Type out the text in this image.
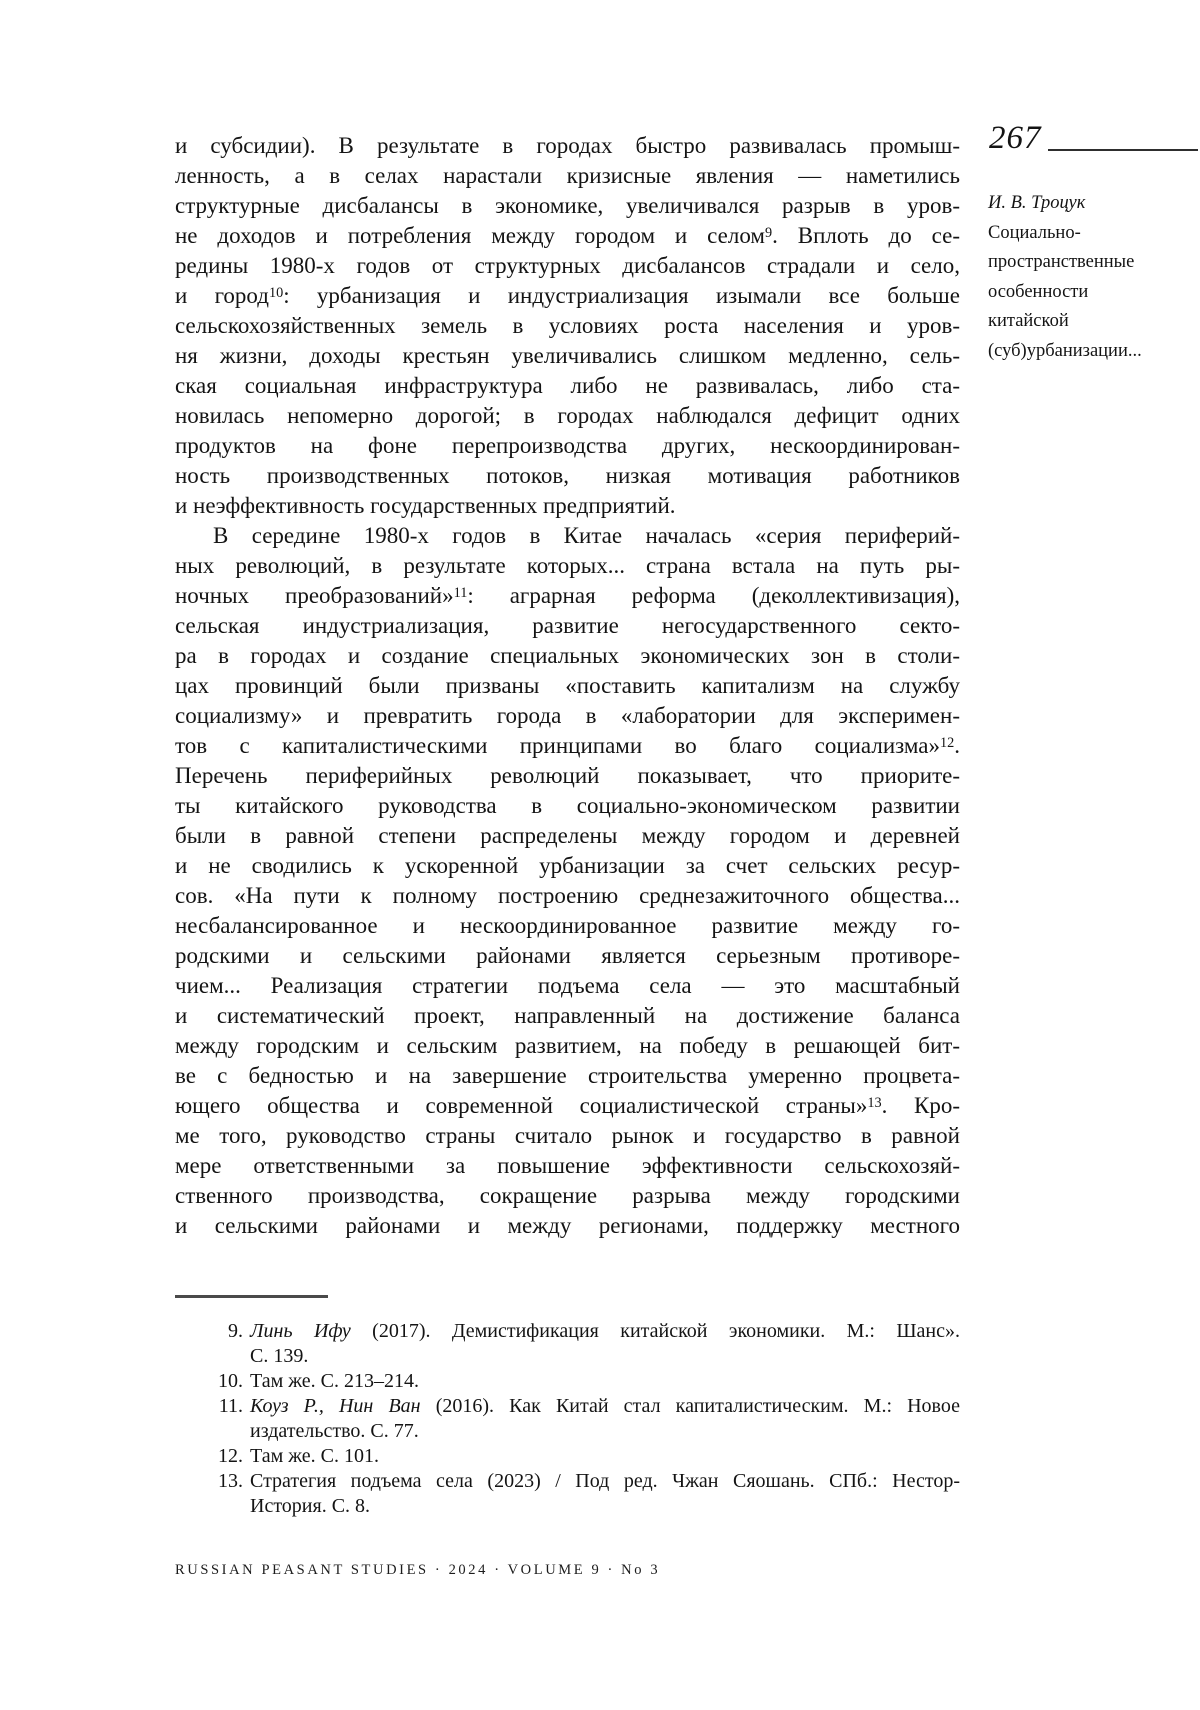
и субсидии). В результате в городах быстро развивалась промыш-
ленность, а в селах нарастали кризисные явления — наметились
структурные дисбалансы в экономике, увеличивался разрыв в уров-
не доходов и потребления между городом и селом$^9$. Вплоть до се-
редины 1980-х годов от структурных дисбалансов страдали и село,
и город$^{10}$: урбанизация и индустриализация изымали все больше
сельскохозяйственных земель в условиях роста населения и уров-
ня жизни, доходы крестьян увеличивались слишком медленно, сель-
ская социальная инфраструктура либо не развивалась, либо ста-
новилась непомерно дорогой; в городах наблюдался дефицит одних
продуктов на фоне перепроизводства других, нескоординирован-
ность производственных потоков, низкая мотивация работников
и неэффективность государственных предприятий.
В середине 1980-х годов в Китае началась «серия периферий-
ных революций, в результате которых... страна встала на путь ры-
ночных преобразований»$^{11}$: аграрная реформа (деколлективизация),
сельская индустриализация, развитие негосударственного секто-
ра в городах и создание специальных экономических зон в столи-
цах провинций были призваны «поставить капитализм на службу
социализму» и превратить города в «лаборатории для эксперимен-
тов с капиталистическими принципами во благо социализма»$^{12}$.
Перечень периферийных революций показывает, что приорите-
ты китайского руководства в социально-экономическом развитии
были в равной степени распределены между городом и деревней
и не сводились к ускоренной урбанизации за счет сельских ресур-
сов. «На пути к полному построению среднезажиточного общества...
несбалансированное и нескоординированное развитие между го-
родскими и сельскими районами является серьезным противоре-
чием... Реализация стратегии подъема села — это масштабный
и систематический проект, направленный на достижение баланса
между городским и сельским развитием, на победу в решающей бит-
ве с бедностью и на завершение строительства умеренно процвета-
ющего общества и современной социалистической страны»$^{13}$. Кро-
ме того, руководство страны считало рынок и государство в равной
мере ответственными за повышение эффективности сельскохозяй-
ственного производства, сокращение разрыва между городскими
и сельскими районами и между регионами, поддержку местного
267
И. В. Троцук
Социально-
пространственные
особенности
китайской
(суб)урбанизации...
9. Линь Ифу (2017). Демистификация китайской экономики. М.: Шанс».
С. 139.
10. Там же. С. 213–214.
11. Коуз Р., Нин Ван (2016). Как Китай стал капиталистическим. М.: Новое
издательство. С. 77.
12. Там же. С. 101.
13. Стратегия подъема села (2023) / Под ред. Чжан Сяошань. СПб.: Нестор-
История. С. 8.
RUSSIAN PEASANT STUDIES · 2024 · VOLUME 9 · No 3
